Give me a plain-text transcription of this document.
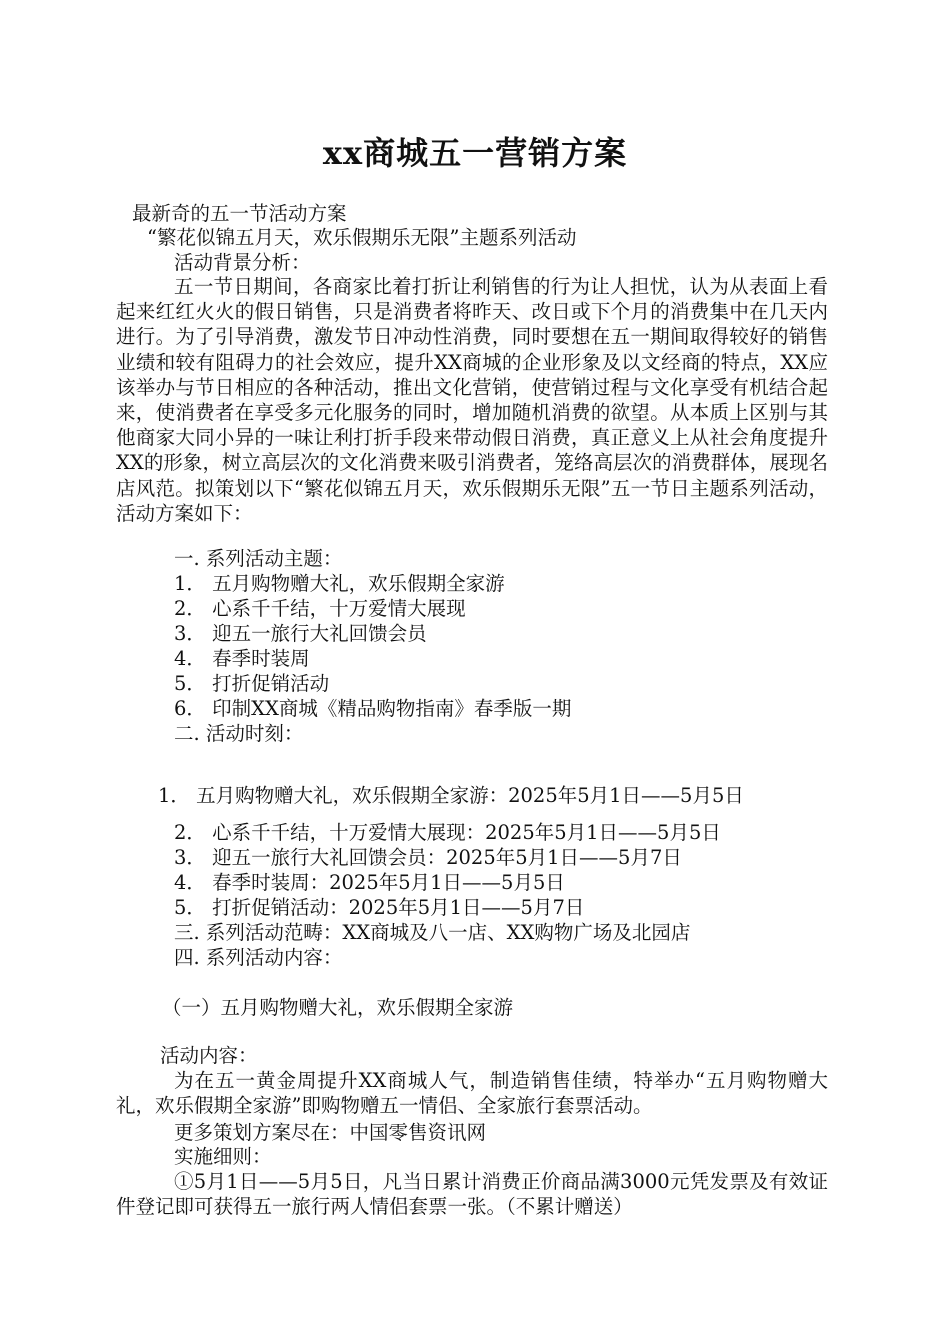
xx商城五一营销方案
最新奇的五一节活动方案
“繁花似锦五月天，欢乐假期乐无限”主题系列活动
活动背景分析：
五一节日期间，各商家比着打折让利销售的行为让人担忧，认为从表面上看起来红红火火的假日销售，只是消费者将昨天、改日或下个月的消费集中在几天内进行。为了引导消费，激发节日冲动性消费，同时要想在五一期间取得较好的销售业绩和较有阻碍力的社会效应，提升XX商城的企业形象及以文经商的特点，XX应该举办与节日相应的各种活动，推出文化营销，使营销过程与文化享受有机结合起来，使消费者在享受多元化服务的同时，增加随机消费的欲望。从本质上区别与其他商家大同小异的一味让利打折手段来带动假日消费，真正意义上从社会角度提升XX的形象，树立高层次的文化消费来吸引消费者，笼络高层次的消费群体，展现名店风范。拟策划以下“繁花似锦五月天，欢乐假期乐无限”五一节日主题系列活动，活动方案如下：
一. 系列活动主题：
1． 五月购物赠大礼，欢乐假期全家游
2． 心系千千结，十万爱情大展现
3． 迎五一旅行大礼回馈会员
4． 春季时装周
5． 打折促销活动
6． 印制XX商城《精品购物指南》春季版一期
二. 活动时刻：
1． 五月购物赠大礼，欢乐假期全家游：2025年5月1日——5月5日
2． 心系千千结，十万爱情大展现：2025年5月1日——5月5日
3． 迎五一旅行大礼回馈会员：2025年5月1日——5月7日
4． 春季时装周：2025年5月1日——5月5日
5． 打折促销活动：2025年5月1日——5月7日
三. 系列活动范畴：XX商城及八一店、XX购物广场及北园店
四. 系列活动内容：
（一）五月购物赠大礼，欢乐假期全家游
活动内容：
为在五一黄金周提升XX商城人气，制造销售佳绩，特举办“五月购物赠大礼，欢乐假期全家游”即购物赠五一情侣、全家旅行套票活动。
更多策划方案尽在：中国零售资讯网
实施细则：
①5月1日——5月5日，凡当日累计消费正价商品满3000元凭发票及有效证件登记即可获得五一旅行两人情侣套票一张。（不累计赠送）
